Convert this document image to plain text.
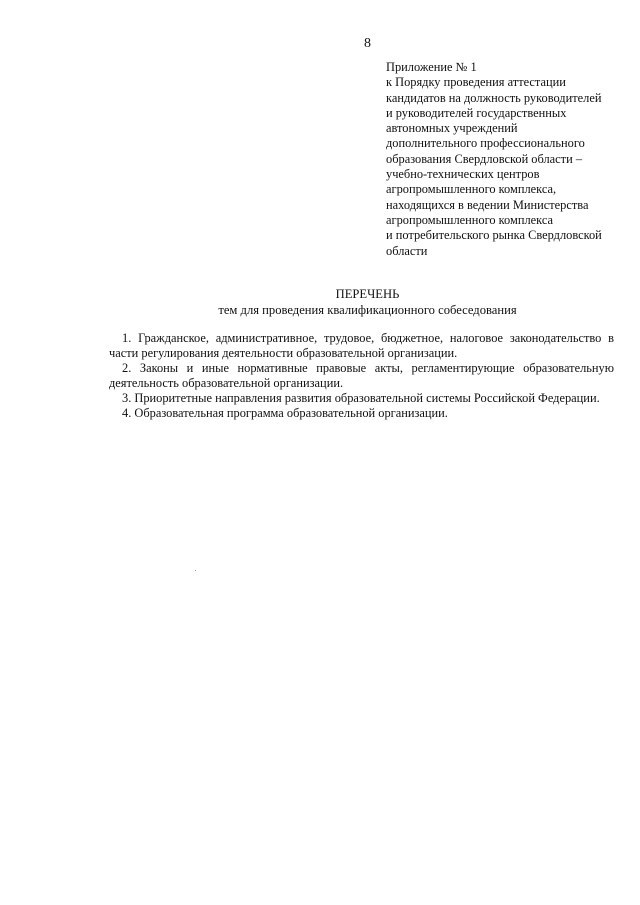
8
Приложение № 1
к Порядку проведения аттестации
кандидатов на должность руководителей
и руководителей государственных
автономных учреждений
дополнительного профессионального
образования Свердловской области –
учебно-технических центров
агропромышленного комплекса,
находящихся в ведении Министерства
агропромышленного комплекса
и потребительского рынка Свердловской
области
ПЕРЕЧЕНЬ
тем для проведения квалификационного собеседования

1. Гражданское, административное, трудовое, бюджетное, налоговое законодательство в части регулирования деятельности образовательной организации.

2. Законы и иные нормативные правовые акты, регламентирующие образовательную деятельность образовательной организации.

3. Приоритетные направления развития образовательной системы Российской Федерации.

4. Образовательная программа образовательной организации.
